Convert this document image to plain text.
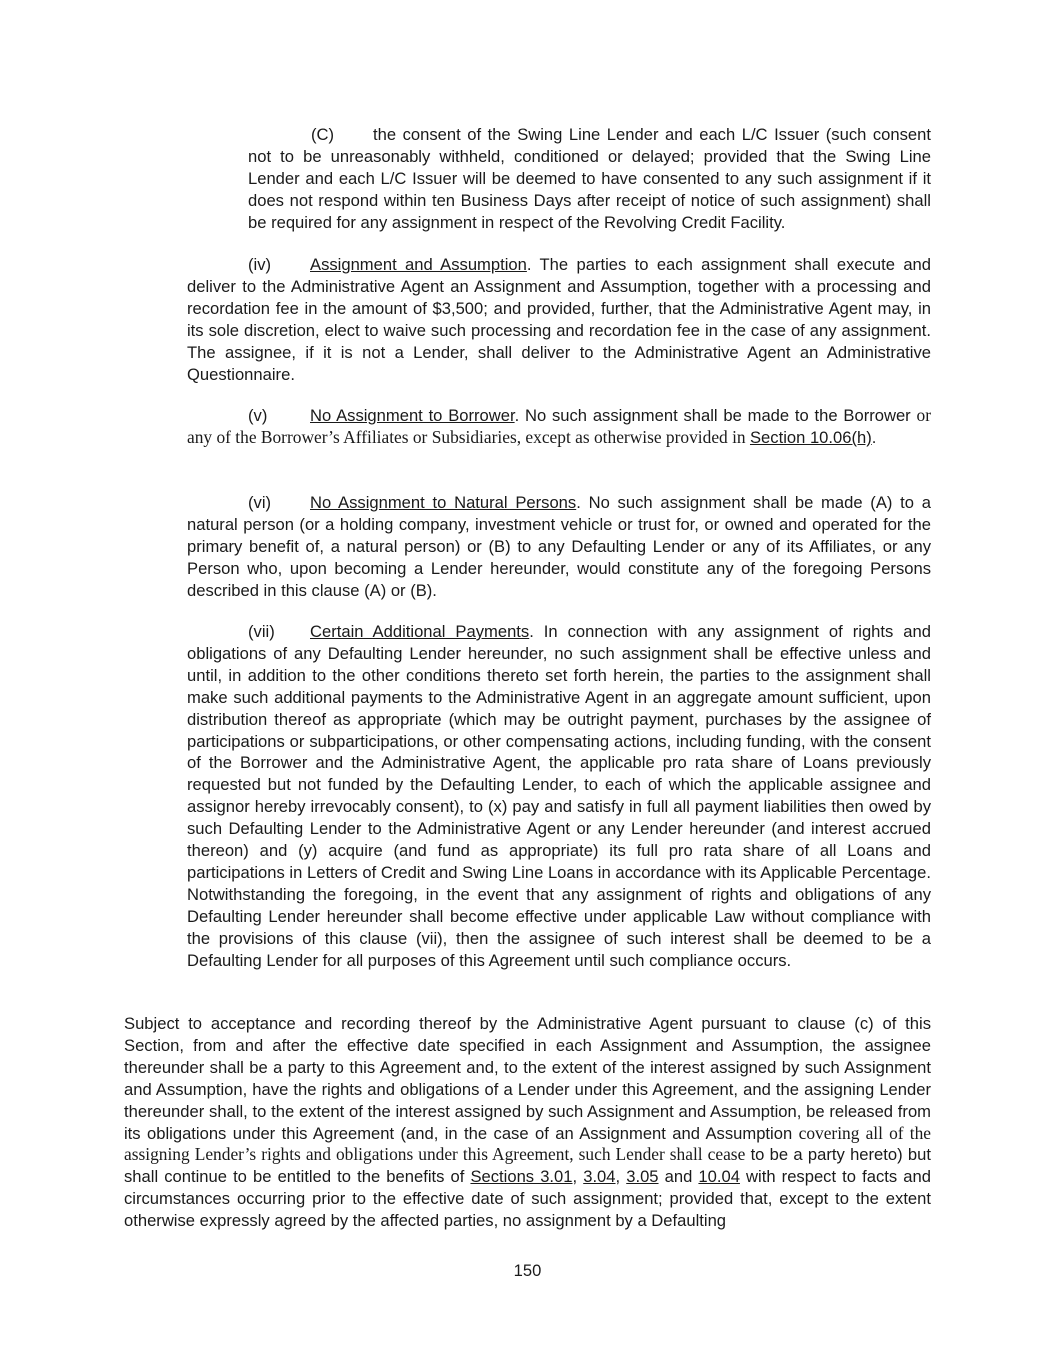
(C) the consent of the Swing Line Lender and each L/C Issuer (such consent not to be unreasonably withheld, conditioned or delayed; provided that the Swing Line Lender and each L/C Issuer will be deemed to have consented to any such assignment if it does not respond within ten Business Days after receipt of notice of such assignment) shall be required for any assignment in respect of the Revolving Credit Facility.

(iv) Assignment and Assumption. The parties to each assignment shall execute and deliver to the Administrative Agent an Assignment and Assumption, together with a processing and recordation fee in the amount of $3,500; and provided, further, that the Administrative Agent may, in its sole discretion, elect to waive such processing and recordation fee in the case of any assignment. The assignee, if it is not a Lender, shall deliver to the Administrative Agent an Administrative Questionnaire.

(v)	No Assignment to Borrower. No such assignment shall be made to the Borrower or any of the Borrower’s Affiliates or Subsidiaries, except as otherwise provided in Section 10.06(h).

(vi) No Assignment to Natural Persons. No such assignment shall be made (A) to a natural person (or a holding company, investment vehicle or trust for, or owned and operated for the primary benefit of, a natural person) or (B) to any Defaulting Lender or any of its Affiliates, or any Person who, upon becoming a Lender hereunder, would constitute any of the foregoing Persons described in this clause (A) or (B).

(vii) Certain Additional Payments. In connection with any assignment of rights and obligations of any Defaulting Lender hereunder, no such assignment shall be effective unless and until, in addition to the other conditions thereto set forth herein, the parties to the assignment shall make such additional payments to the Administrative Agent in an aggregate amount sufficient, upon distribution thereof as appropriate (which may be outright payment, purchases by the assignee of participations or subparticipations, or other compensating actions, including funding, with the consent of the Borrower and the Administrative Agent, the applicable pro rata share of Loans previously requested but not funded by the Defaulting Lender, to each of which the applicable assignee and assignor hereby irrevocably consent), to (x) pay and satisfy in full all payment liabilities then owed by such Defaulting Lender to the Administrative Agent or any Lender hereunder (and interest accrued thereon) and (y) acquire (and fund as appropriate) its full pro rata share of all Loans and participations in Letters of Credit and Swing Line Loans in accordance with its Applicable Percentage. Notwithstanding the foregoing, in the event that any assignment of rights and obligations of any Defaulting Lender hereunder shall become effective under applicable Law without compliance with the provisions of this clause (vii), then the assignee of such interest shall be deemed to be a Defaulting Lender for all purposes of this Agreement until such compliance occurs.

Subject to acceptance and recording thereof by the Administrative Agent pursuant to clause (c) of this Section, from and after the effective date specified in each Assignment and Assumption, the assignee thereunder shall be a party to this Agreement and, to the extent of the interest assigned by such Assignment and Assumption, have the rights and obligations of a Lender under this Agreement, and the assigning Lender thereunder shall, to the extent of the interest assigned by such Assignment and Assumption, be released from its obligations under this Agreement (and, in the case of an Assignment and Assumption covering all of the assigning Lender’s rights and obligations under this Agreement, such Lender shall cease to be a party hereto) but shall continue to be entitled to the benefits of Sections 3.01, 3.04, 3.05 and 10.04 with respect to facts and circumstances occurring prior to the effective date of such assignment; provided that, except to the extent otherwise expressly agreed by the affected parties, no assignment by a Defaulting

150
